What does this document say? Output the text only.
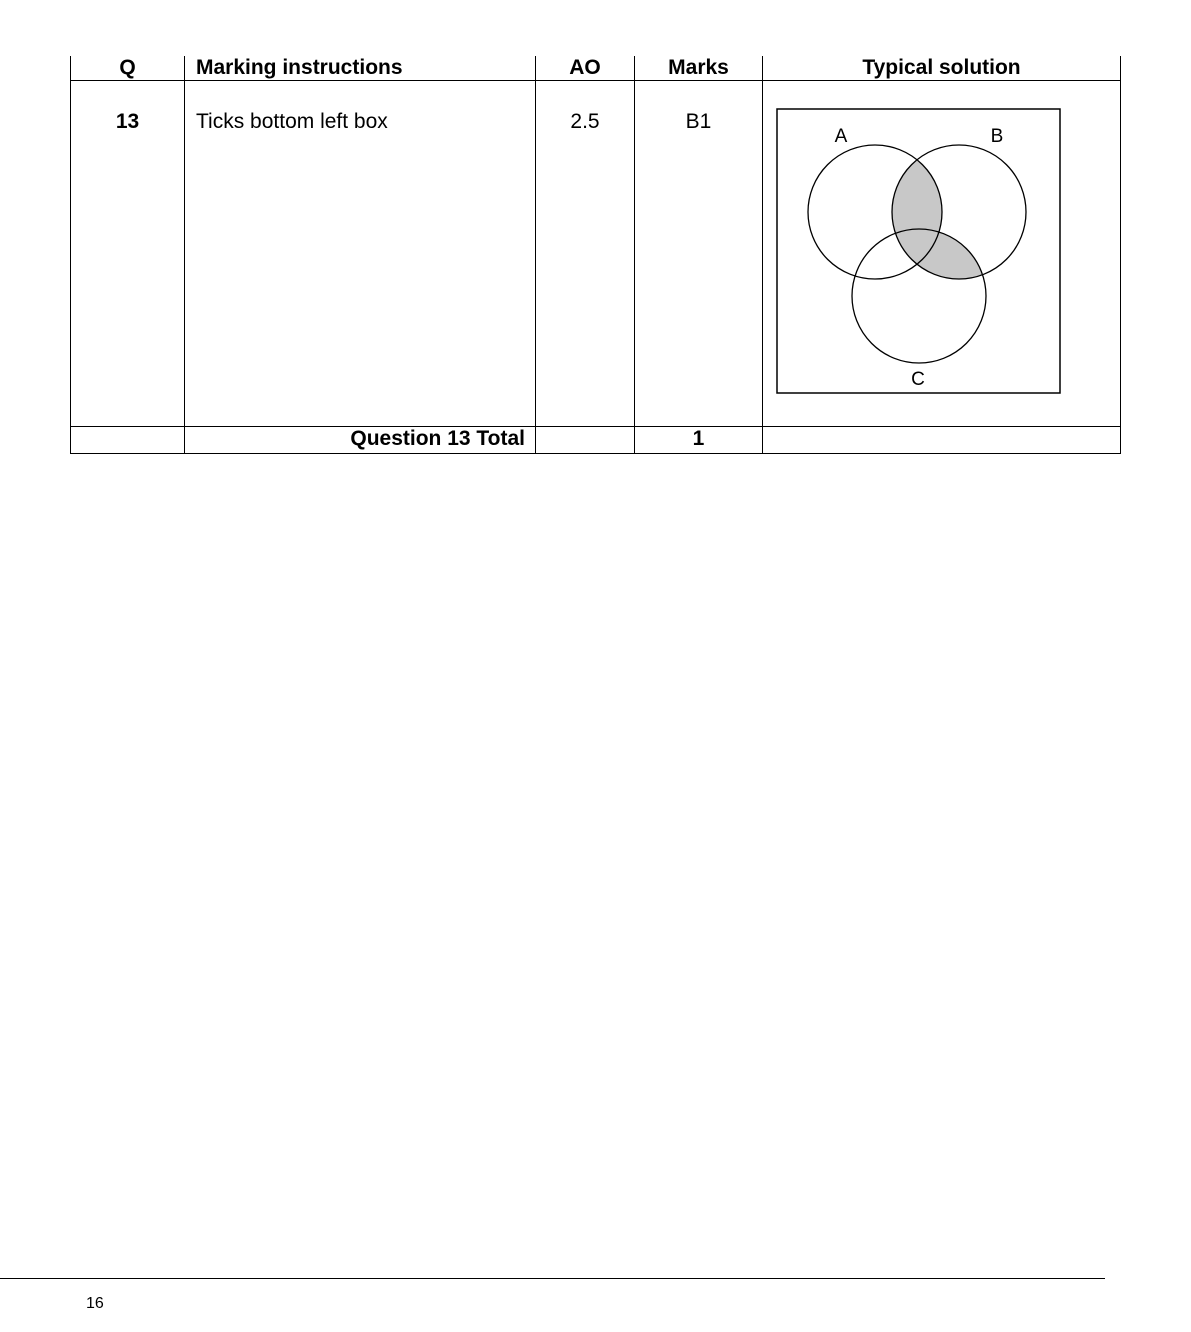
Q	Marking instructions	AO	Marks	Typical solution
13	Ticks bottom left box	2.5	B1	A B
C

	Question 13 Total		1	
16
